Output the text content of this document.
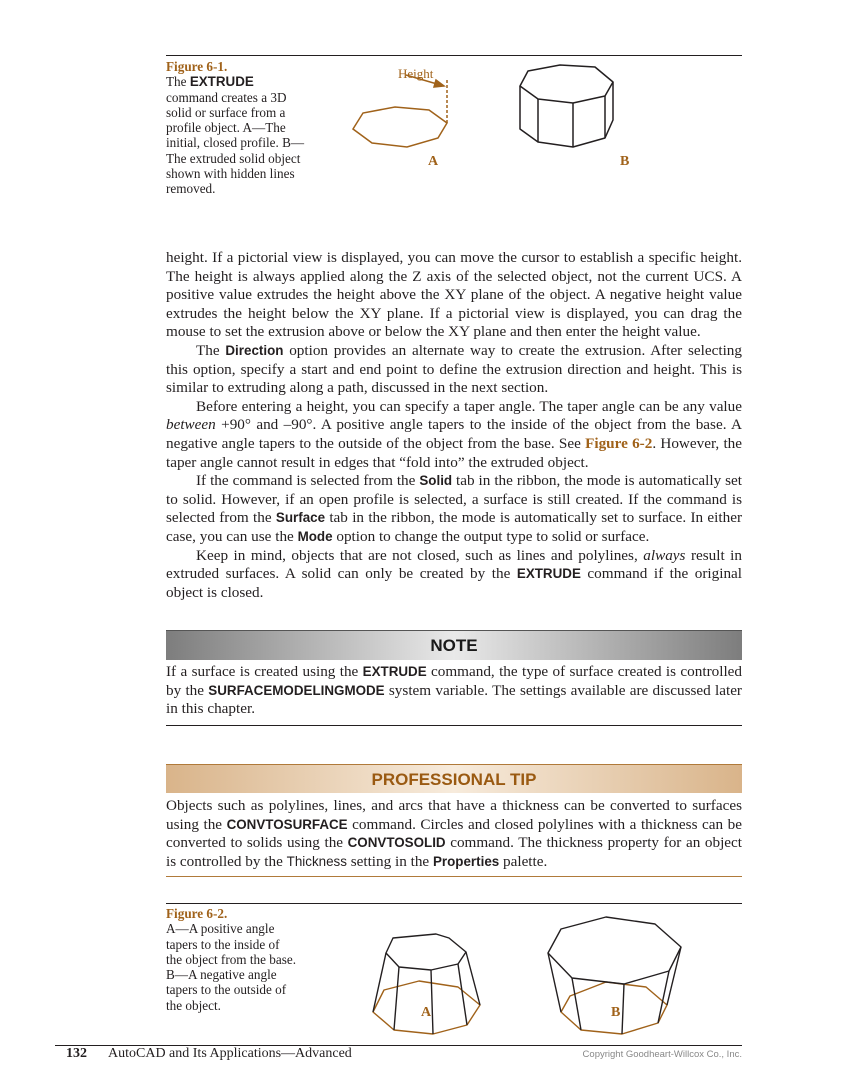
Figure 6-1.
The EXTRUDE command creates a 3D solid or surface from a profile object. A—The initial, closed profile. B—The extruded solid object shown with hidden lines removed.
Height
A	B

height. If a pictorial view is displayed, you can move the cursor to establish a specific height. The height is always applied along the Z axis of the selected object, not the current UCS. A positive value extrudes the height above the XY plane of the object. A negative height value extrudes the height below the XY plane. If a pictorial view is displayed, you can drag the mouse to set the extrusion above or below the XY plane and then enter the height value.

The Direction option provides an alternate way to create the extrusion. After selecting this option, specify a start and end point to define the extrusion direction and height. This is similar to extruding along a path, discussed in the next section.

Before entering a height, you can specify a taper angle. The taper angle can be any value between +90° and –90°. A positive angle tapers to the inside of the object from the base. A negative angle tapers to the outside of the object from the base. See Figure 6-2. However, the taper angle cannot result in edges that “fold into” the extruded object.

If the command is selected from the Solid tab in the ribbon, the mode is automatically set to solid. However, if an open profile is selected, a surface is still created. If the command is selected from the Surface tab in the ribbon, the mode is automatically set to surface. In either case, you can use the Mode option to change the output type to solid or surface.

Keep in mind, objects that are not closed, such as lines and polylines, always result in extruded surfaces. A solid can only be created by the EXTRUDE command if the original object is closed.

NOTE

If a surface is created using the EXTRUDE command, the type of surface created is controlled by the SURFACEMODELINGMODE system variable. The settings available are discussed later in this chapter.

PROFESSIONAL TIP

Objects such as polylines, lines, and arcs that have a thickness can be converted to surfaces using the CONVTOSURFACE command. Circles and closed polylines with a thickness can be converted to solids using the CONVTOSOLID command. The thickness property for an object is controlled by the Thickness setting in the Properties palette.

Figure 6-2.
A—A positive angle tapers to the inside of the object from the base. B—A negative angle tapers to the outside of the object.	A	B
132 AutoCAD and Its Applications—Advanced	Copyright Goodheart-Willcox Co., Inc.
